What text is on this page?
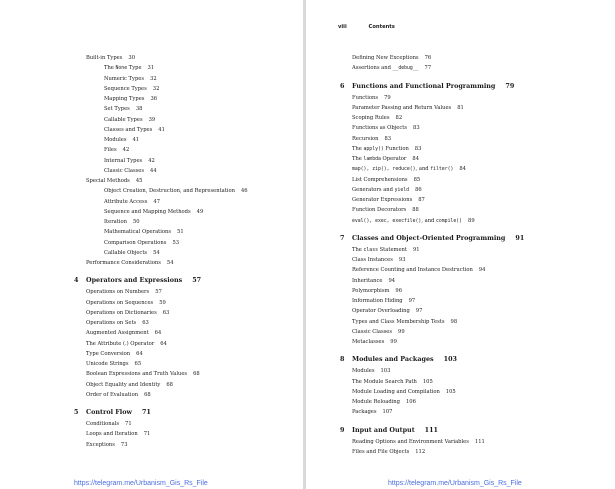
Built-in Types 30
The None Type 31
Numeric Types 32
Sequence Types 32
Mapping Types 36
Set Types 38
Callable Types 39
Classes and Types 41
Modules 41
Files 42
Internal Types 42
Classic Classes 44
Special Methods 45
Object Creation, Destruction, and Representation 46
Attribute Access 47
Sequence and Mapping Methods 49
Iteration 50
Mathematical Operations 51
Comparison Operations 53
Callable Objects 54
Performance Considerations 54
4 Operators and Expressions 57
Operations on Numbers 57
Operations on Sequences 59
Operations on Dictionaries 63
Operations on Sets 63
Augmented Assignment 64
The Attribute (.) Operator 64
Type Conversion 64
Unicode Strings 65
Boolean Expressions and Truth Values 68
Object Equality and Identity 68
Order of Evaluation 68
5 Control Flow 71
Conditionals 71
Loops and Iteration 71
Exceptions 73
https://telegram.me/Urbanism_Gis_Rs_File
viii	Contents
Defining New Exceptions 76
Assertions and __debug__ 77
6 Functions and Functional Programming 79
Functions 79
Parameter Passing and Return Values 81
Scoping Rules 82
Functions as Objects 83
Recursion 83
The apply() Function 83
The lambda Operator 84
map(), zip(), reduce(), and filter() 84
List Comprehensions 85
Generators and yield 86
Generator Expressions 87
Function Decorators 88
eval(), exec, execfile(), and compile() 89
7 Classes and Object-Oriented Programming 91
The class Statement 91
Class Instances 93
Reference Counting and Instance Destruction 94
Inheritance 94
Polymorphism 96
Information Hiding 97
Operator Overloading 97
Types and Class Membership Tests 98
Classic Classes 99
Metaclasses 99
8 Modules and Packages 103
Modules 103
The Module Search Path 105
Module Loading and Compilation 105
Module Reloading 106
Packages 107
9 Input and Output 111
Reading Options and Environment Variables 111
Files and File Objects 112
https://telegram.me/Urbanism_Gis_Rs_File
